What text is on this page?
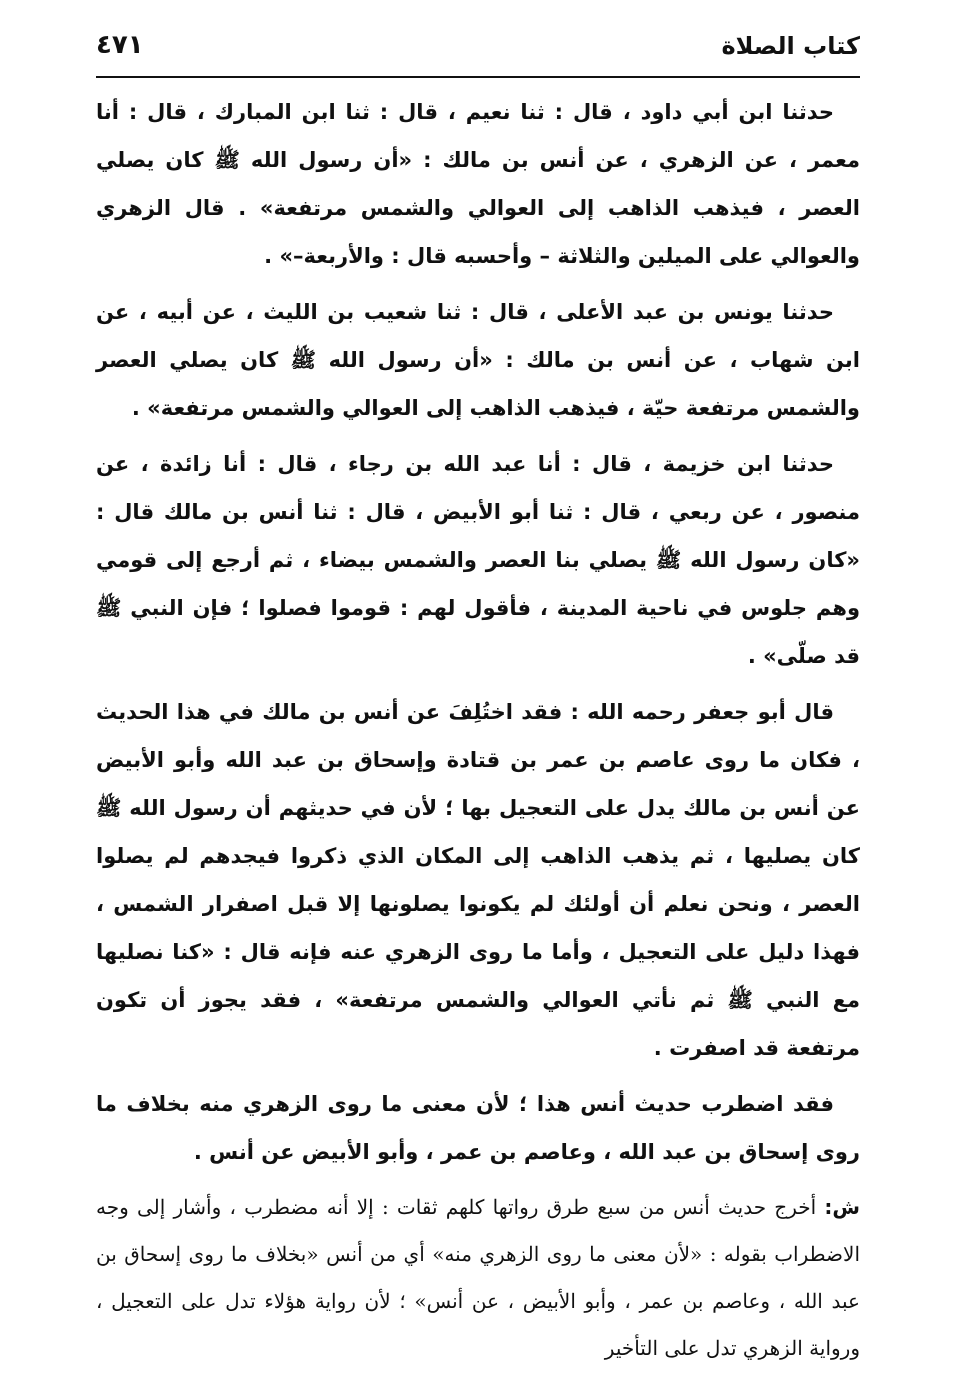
كتاب الصلاة
٤٧١

حدثنا ابن أبي داود ، قال : ثنا نعيم ، قال : ثنا ابن المبارك ، قال : أنا معمر ، عن الزهري ، عن أنس بن مالك : «أن رسول الله ﷺ كان يصلي العصر ، فيذهب الذاهب إلى العوالي والشمس مرتفعة» . قال الزهري والعوالي على الميلين والثلاثة – وأحسبه قال : والأربعة–» .

حدثنا يونس بن عبد الأعلى ، قال : ثنا شعيب بن الليث ، عن أبيه ، عن ابن شهاب ، عن أنس بن مالك : «أن رسول الله ﷺ كان يصلي العصر والشمس مرتفعة حيّة ، فيذهب الذاهب إلى العوالي والشمس مرتفعة» .

حدثنا ابن خزيمة ، قال : أنا عبد الله بن رجاء ، قال : أنا زائدة ، عن منصور ، عن ربعي ، قال : ثنا أبو الأبيض ، قال : ثنا أنس بن مالك قال : «كان رسول الله ﷺ يصلي بنا العصر والشمس بيضاء ، ثم أرجع إلى قومي وهم جلوس في ناحية المدينة ، فأقول لهم : قوموا فصلوا ؛ فإن النبي ﷺ قد صلّى» .

قال أبو جعفر رحمه الله : فقد اختُلِفَ عن أنس بن مالك في هذا الحديث ، فكان ما روى عاصم بن عمر بن قتادة وإسحاق بن عبد الله وأبو الأبيض عن أنس بن مالك يدل على التعجيل بها ؛ لأن في حديثهم أن رسول الله ﷺ كان يصليها ، ثم يذهب الذاهب إلى المكان الذي ذكروا فيجدهم لم يصلوا العصر ، ونحن نعلم أن أولئك لم يكونوا يصلونها إلا قبل اصفرار الشمس ، فهذا دليل على التعجيل ، وأما ما روى الزهري عنه فإنه قال : «كنا نصليها مع النبي ﷺ ثم نأتي العوالي والشمس مرتفعة» ، فقد يجوز أن تكون مرتفعة قد اصفرت .

فقد اضطرب حديث أنس هذا ؛ لأن معنى ما روى الزهري منه بخلاف ما روى إسحاق بن عبد الله ، وعاصم بن عمر ، وأبو الأبيض عن أنس .

ش: أخرج حديث أنس من سبع طرق رواتها كلهم ثقات : إلا أنه مضطرب ، وأشار إلى وجه الاضطراب بقوله : «لأن معنى ما روى الزهري منه» أي من أنس «بخلاف ما روى إسحاق بن عبد الله ، وعاصم بن عمر ، وأبو الأبيض ، عن أنس» ؛ لأن رواية هؤلاء تدل على التعجيل ، ورواية الزهري تدل على التأخير
